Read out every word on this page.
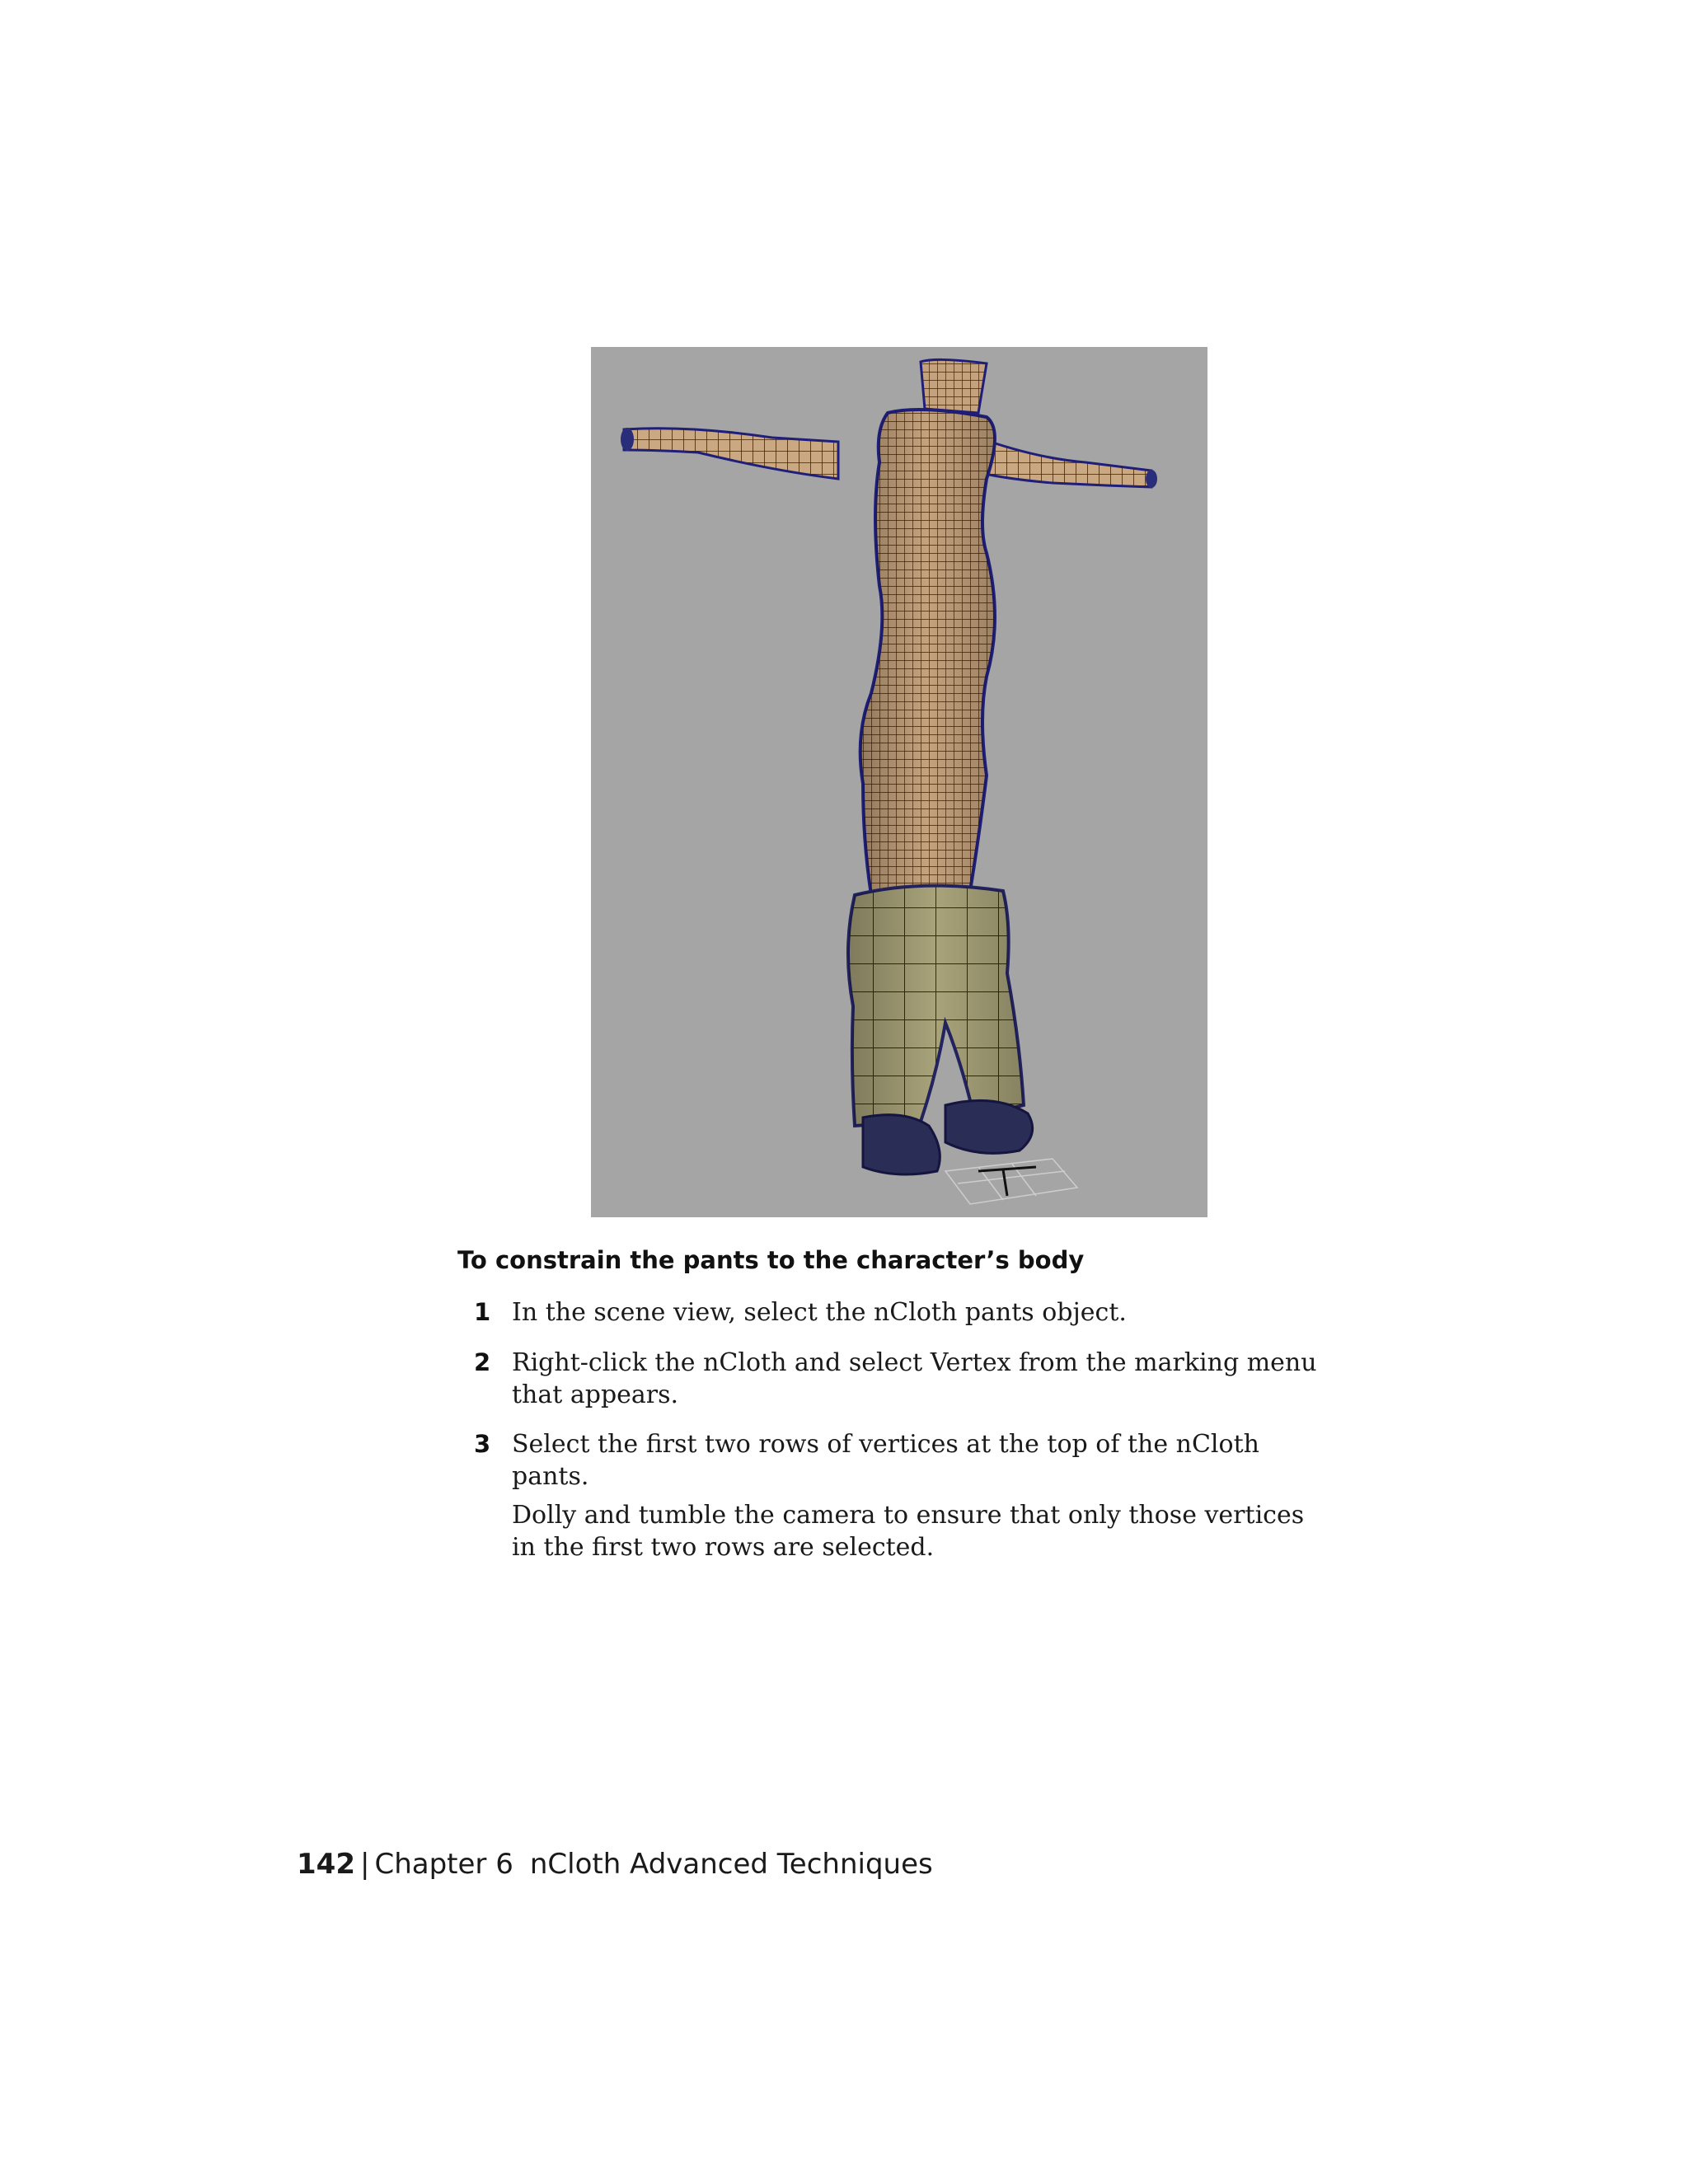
To constrain the pants to the character’s body
1 In the scene view, select the nCloth pants object.
2 Right-click the nCloth and select Vertex from the marking menu that appears.
3 Select the first two rows of vertices at the top of the nCloth pants.
Dolly and tumble the camera to ensure that only those vertices in the first two rows are selected.
142 | Chapter 6 nCloth Advanced Techniques
